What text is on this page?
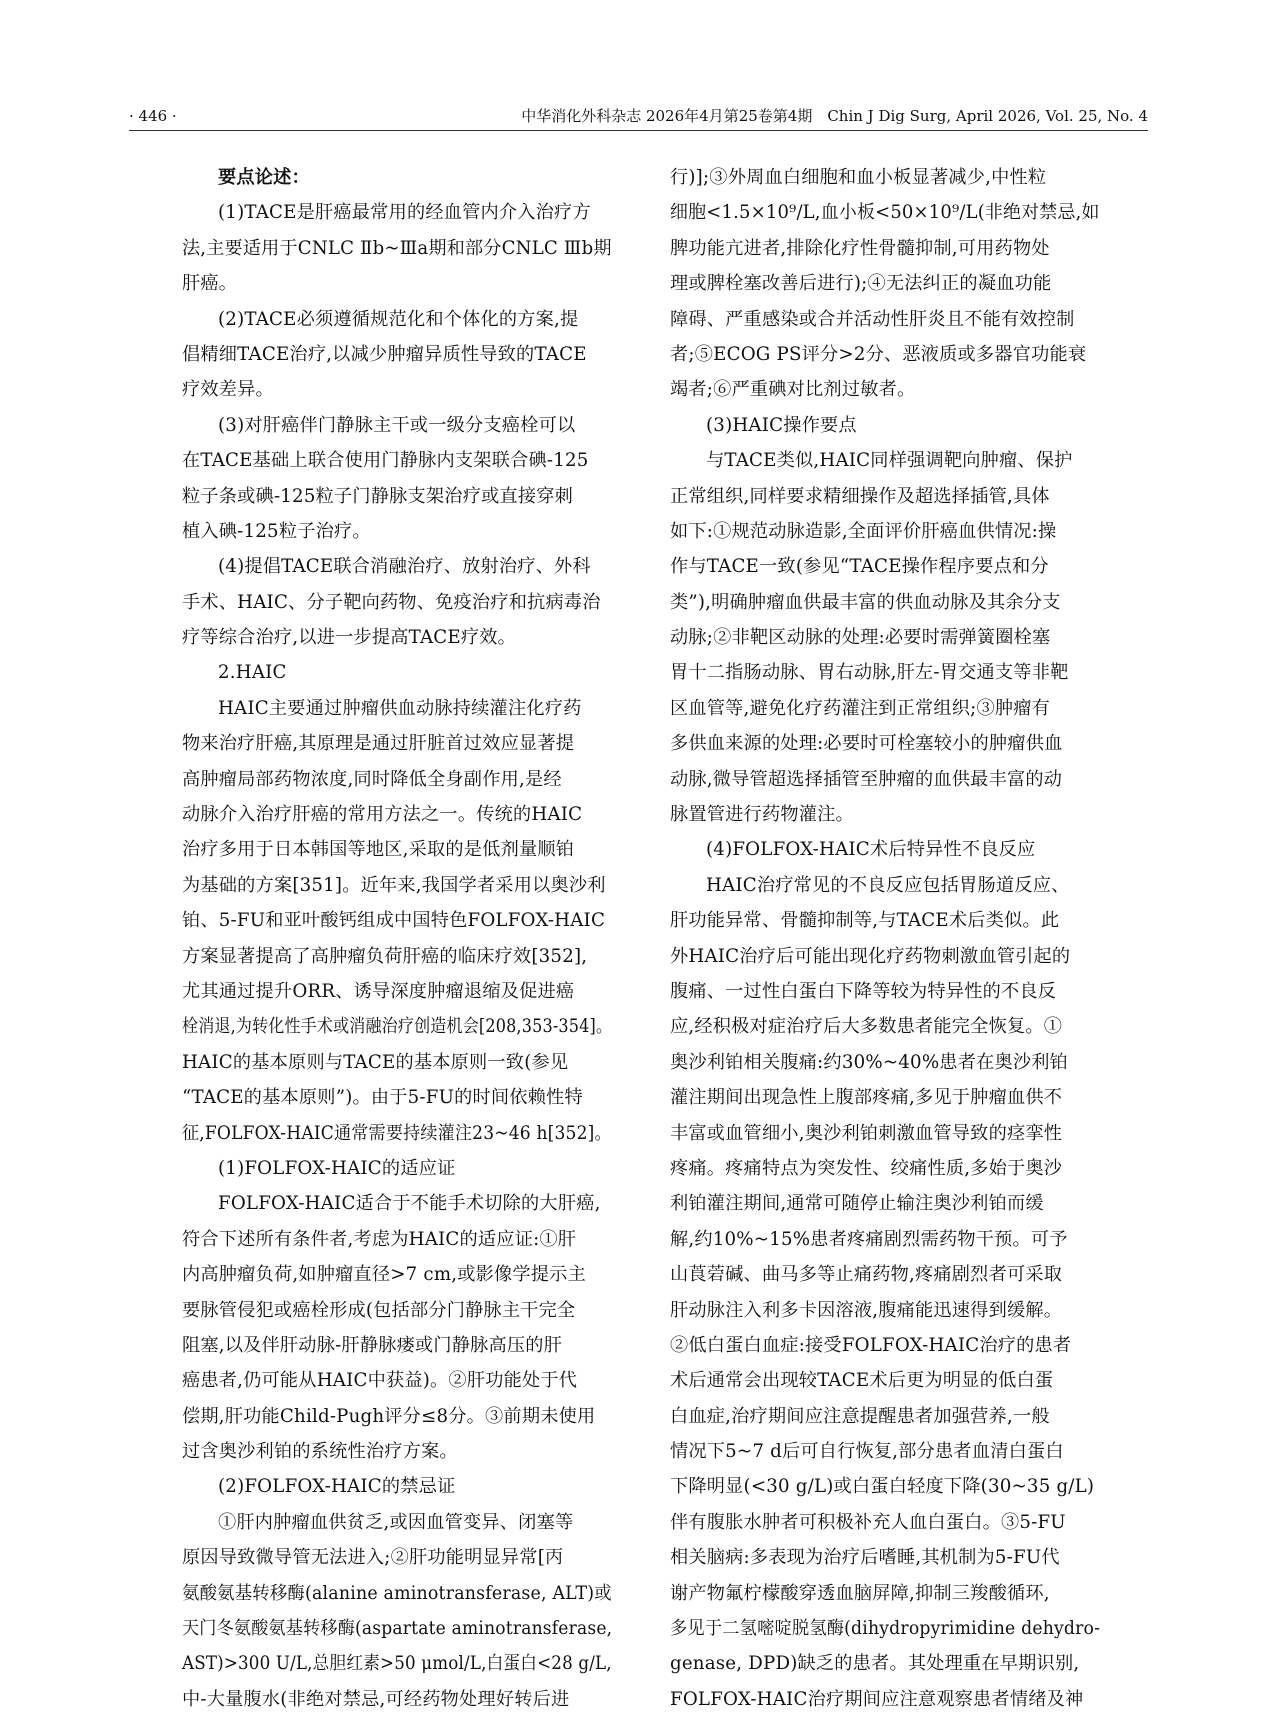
· 446 ·	中华消化外科杂志 2026年4月第25卷第4期　Chin J Dig Surg, April 2026, Vol. 25, No. 4
要点论述：
(1)TACE是肝癌最常用的经血管内介入治疗方
法,主要适用于CNLC Ⅱb~Ⅲa期和部分CNLC Ⅲb期
肝癌。
(2)TACE必须遵循规范化和个体化的方案,提
倡精细TACE治疗,以减少肿瘤异质性导致的TACE
疗效差异。
(3)对肝癌伴门静脉主干或一级分支癌栓可以
在TACE基础上联合使用门静脉内支架联合碘-125
粒子条或碘-125粒子门静脉支架治疗或直接穿刺
植入碘-125粒子治疗。
(4)提倡TACE联合消融治疗、放射治疗、外科
手术、HAIC、分子靶向药物、免疫治疗和抗病毒治
疗等综合治疗,以进一步提高TACE疗效。
2.HAIC
HAIC主要通过肿瘤供血动脉持续灌注化疗药
物来治疗肝癌,其原理是通过肝脏首过效应显著提
高肿瘤局部药物浓度,同时降低全身副作用,是经
动脉介入治疗肝癌的常用方法之一。传统的HAIC
治疗多用于日本韩国等地区,采取的是低剂量顺铂
为基础的方案[351]。近年来,我国学者采用以奥沙利
铂、5-FU和亚叶酸钙组成中国特色FOLFOX-HAIC
方案显著提高了高肿瘤负荷肝癌的临床疗效[352],
尤其通过提升ORR、诱导深度肿瘤退缩及促进癌
栓消退,为转化性手术或消融治疗创造机会[208,353-354]。
HAIC的基本原则与TACE的基本原则一致(参见
“TACE的基本原则”)。由于5-FU的时间依赖性特
征,FOLFOX-HAIC通常需要持续灌注23~46 h[352]。
(1)FOLFOX-HAIC的适应证
FOLFOX-HAIC适合于不能手术切除的大肝癌,
符合下述所有条件者,考虑为HAIC的适应证:①肝
内高肿瘤负荷,如肿瘤直径>7 cm,或影像学提示主
要脉管侵犯或癌栓形成(包括部分门静脉主干完全
阻塞,以及伴肝动脉-肝静脉瘘或门静脉高压的肝
癌患者,仍可能从HAIC中获益)。②肝功能处于代
偿期,肝功能Child-Pugh评分≤8分。③前期未使用
过含奥沙利铂的系统性治疗方案。
(2)FOLFOX-HAIC的禁忌证
①肝内肿瘤血供贫乏,或因血管变异、闭塞等
原因导致微导管无法进入;②肝功能明显异常[丙
氨酸氨基转移酶(alanine aminotransferase, ALT)或
天门冬氨酸氨基转移酶(aspartate aminotransferase,
AST)>300 U/L,总胆红素>50 μmol/L,白蛋白<28 g/L,
中-大量腹水(非绝对禁忌,可经药物处理好转后进
行)];③外周血白细胞和血小板显著减少,中性粒
细胞<1.5×10⁹/L,血小板<50×10⁹/L(非绝对禁忌,如
脾功能亢进者,排除化疗性骨髓抑制,可用药物处
理或脾栓塞改善后进行);④无法纠正的凝血功能
障碍、严重感染或合并活动性肝炎且不能有效控制
者;⑤ECOG PS评分>2分、恶液质或多器官功能衰
竭者;⑥严重碘对比剂过敏者。
(3)HAIC操作要点
与TACE类似,HAIC同样强调靶向肿瘤、保护
正常组织,同样要求精细操作及超选择插管,具体
如下:①规范动脉造影,全面评价肝癌血供情况:操
作与TACE一致(参见“TACE操作程序要点和分
类”),明确肿瘤血供最丰富的供血动脉及其余分支
动脉;②非靶区动脉的处理:必要时需弹簧圈栓塞
胃十二指肠动脉、胃右动脉,肝左-胃交通支等非靶
区血管等,避免化疗药灌注到正常组织;③肿瘤有
多供血来源的处理:必要时可栓塞较小的肿瘤供血
动脉,微导管超选择插管至肿瘤的血供最丰富的动
脉置管进行药物灌注。
(4)FOLFOX-HAIC术后特异性不良反应
HAIC治疗常见的不良反应包括胃肠道反应、
肝功能异常、骨髓抑制等,与TACE术后类似。此
外HAIC治疗后可能出现化疗药物刺激血管引起的
腹痛、一过性白蛋白下降等较为特异性的不良反
应,经积极对症治疗后大多数患者能完全恢复。①
奥沙利铂相关腹痛:约30%~40%患者在奥沙利铂
灌注期间出现急性上腹部疼痛,多见于肿瘤血供不
丰富或血管细小,奥沙利铂刺激血管导致的痉挛性
疼痛。疼痛特点为突发性、绞痛性质,多始于奥沙
利铂灌注期间,通常可随停止输注奥沙利铂而缓
解,约10%~15%患者疼痛剧烈需药物干预。可予
山莨菪碱、曲马多等止痛药物,疼痛剧烈者可采取
肝动脉注入利多卡因溶液,腹痛能迅速得到缓解。
②低白蛋白血症:接受FOLFOX-HAIC治疗的患者
术后通常会出现较TACE术后更为明显的低白蛋
白血症,治疗期间应注意提醒患者加强营养,一般
情况下5~7 d后可自行恢复,部分患者血清白蛋白
下降明显(<30 g/L)或白蛋白轻度下降(30~35 g/L)
伴有腹胀水肿者可积极补充人血白蛋白。③5-FU
相关脑病:多表现为治疗后嗜睡,其机制为5-FU代
谢产物氟柠檬酸穿透血脑屏障,抑制三羧酸循环,
多见于二氢嘧啶脱氢酶(dihydropyrimidine dehydro-
genase, DPD)缺乏的患者。其处理重在早期识别,
FOLFOX-HAIC治疗期间应注意观察患者情绪及神
